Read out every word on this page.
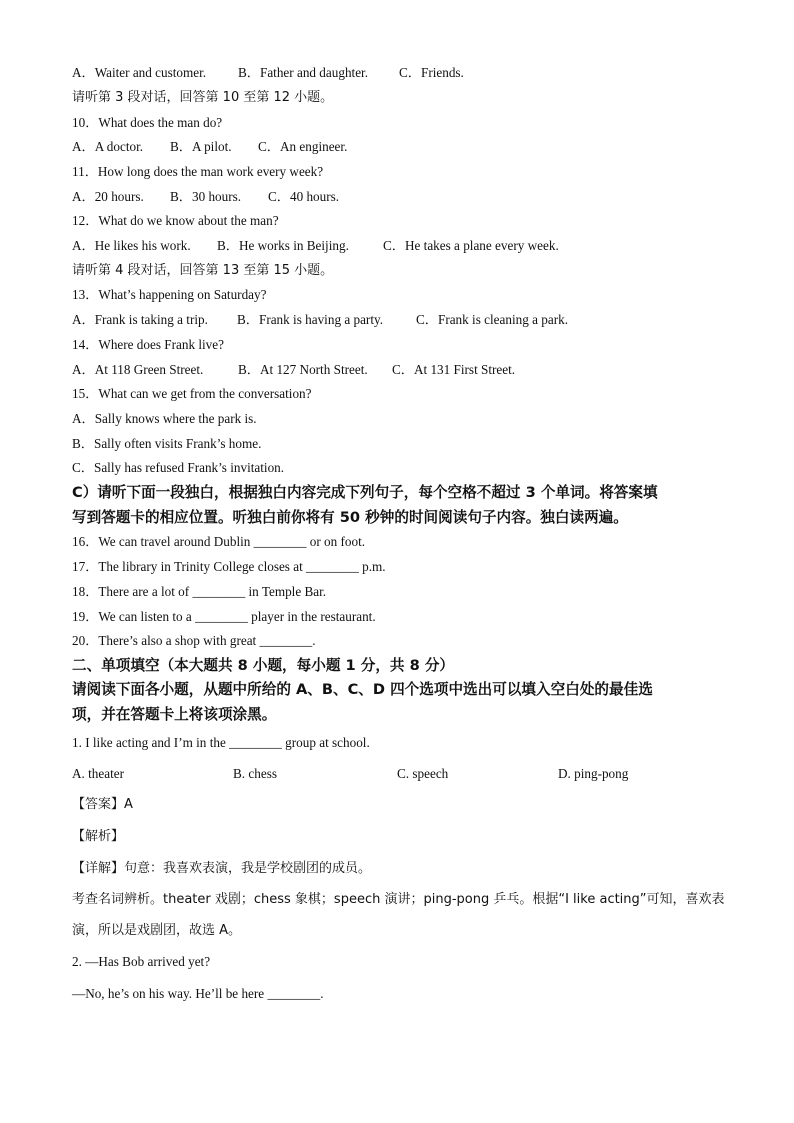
A．Waiter and customer. B．Father and daughter. C．Friends.
请听第 3 段对话，回答第 10 至第 12 小题。
10．What does the man do?
A．A doctor. B．A pilot. C．An engineer.
11．How long does the man work every week?
A．20 hours. B．30 hours. C．40 hours.
12．What do we know about the man?
A．He likes his work. B．He works in Beijing.	C．He takes a plane every week.
请听第 4 段对话，回答第 13 至第 15 小题。
13．What’s happening on Saturday?
A．Frank is taking a trip. B．Frank is having a party. C．Frank is cleaning a park.
14．Where does Frank live?
A．At 118 Green Street.	B．At 127 North Street. C．At 131 First Street.
15．What can we get from the conversation?
A．Sally knows where the park is.
B．Sally often visits Frank’s home.
C．Sally has refused Frank’s invitation.
C）请听下面一段独白，根据独白内容完成下列句子，每个空格不超过 3 个单词。将答案填
写到答题卡的相应位置。听独白前你将有 50 秒钟的时间阅读句子内容。独白读两遍。
16．We can travel around Dublin ________ or on foot.
17．The library in Trinity College closes at ________ p.m.
18．There are a lot of ________ in Temple Bar.
19．We can listen to a ________ player in the restaurant.
20．There’s also a shop with great ________.
二、单项填空（本大题共 8 小题，每小题 1 分，共 8 分）
请阅读下面各小题，从题中所给的 A、B、C、D 四个选项中选出可以填入空白处的最佳选
项，并在答题卡上将该项涂黑。
1. I like acting and I’m in the ________ group at school.
A. theater	B. chess	C. speech	D. ping-pong
【答案】A
【解析】
【详解】句意：我喜欢表演，我是学校剧团的成员。
考查名词辨析。theater 戏剧；chess 象棋；speech 演讲；ping-pong 乒乓。根据“I like acting”可知，喜欢表
演，所以是戏剧团，故选 A。
2. —Has Bob arrived yet?
—No, he’s on his way. He’ll be here ________.
